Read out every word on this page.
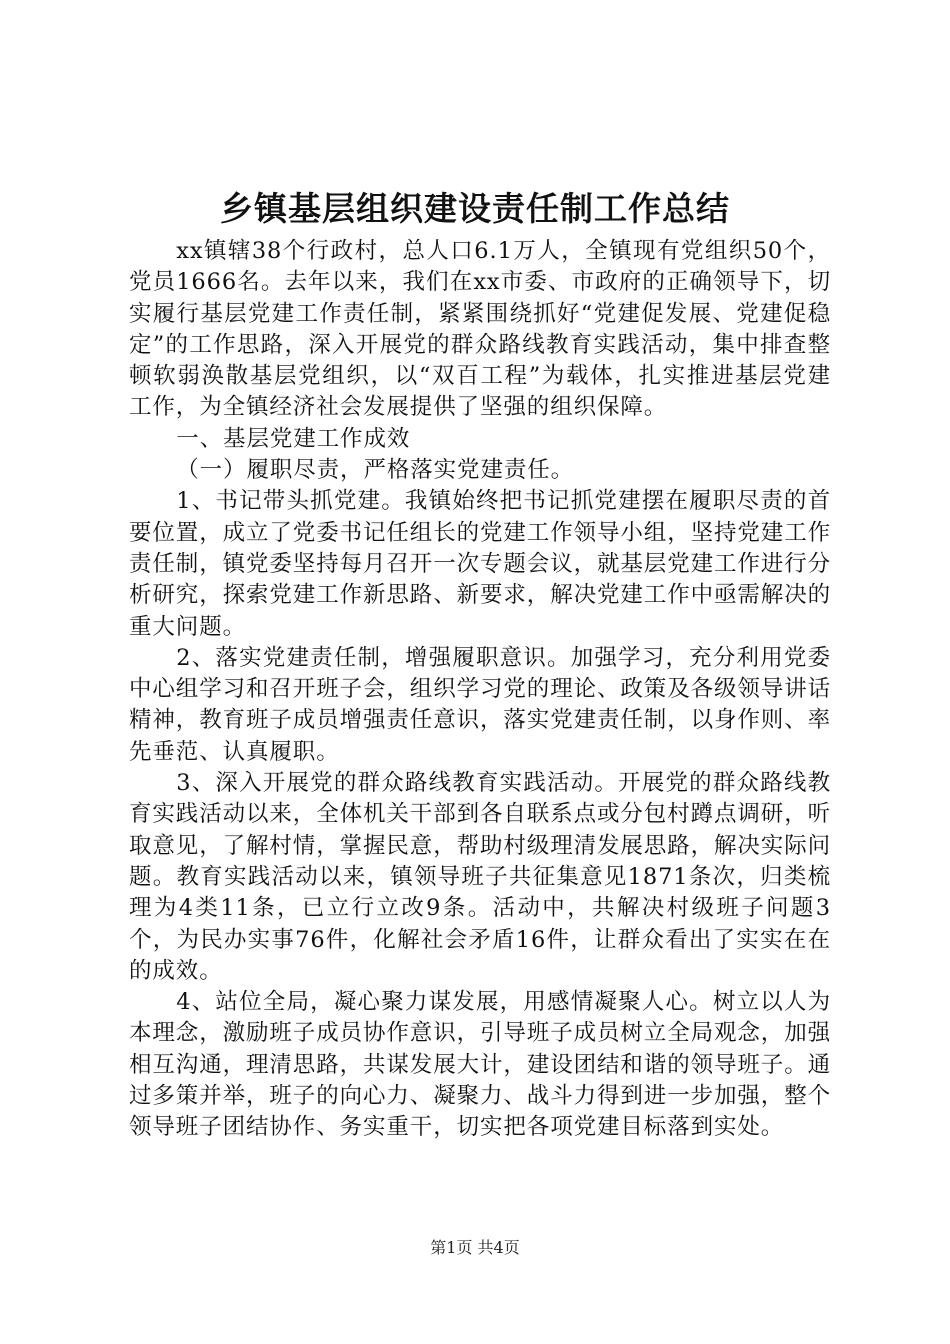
乡镇基层组织建设责任制工作总结

xx镇辖38个行政村，总人口6.1万人，全镇现有党组织50个，党员1666名。去年以来，我们在xx市委、市政府的正确领导下，切实履行基层党建工作责任制，紧紧围绕抓好“党建促发展、党建促稳定”的工作思路，深入开展党的群众路线教育实践活动，集中排查整顿软弱涣散基层党组织，以“双百工程”为载体，扎实推进基层党建工作，为全镇经济社会发展提供了坚强的组织保障。

一、基层党建工作成效

（一）履职尽责，严格落实党建责任。

1、书记带头抓党建。我镇始终把书记抓党建摆在履职尽责的首要位置，成立了党委书记任组长的党建工作领导小组，坚持党建工作责任制，镇党委坚持每月召开一次专题会议，就基层党建工作进行分析研究，探索党建工作新思路、新要求，解决党建工作中亟需解决的重大问题。

2、落实党建责任制，增强履职意识。加强学习，充分利用党委中心组学习和召开班子会，组织学习党的理论、政策及各级领导讲话精神，教育班子成员增强责任意识，落实党建责任制，以身作则、率先垂范、认真履职。

3、深入开展党的群众路线教育实践活动。开展党的群众路线教育实践活动以来，全体机关干部到各自联系点或分包村蹲点调研，听取意见，了解村情，掌握民意，帮助村级理清发展思路，解决实际问题。教育实践活动以来，镇领导班子共征集意见1871条次，归类梳理为4类11条，已立行立改9条。活动中，共解决村级班子问题3个，为民办实事76件，化解社会矛盾16件，让群众看出了实实在在的成效。

4、站位全局，凝心聚力谋发展，用感情凝聚人心。树立以人为本理念，激励班子成员协作意识，引导班子成员树立全局观念，加强相互沟通，理清思路，共谋发展大计，建设团结和谐的领导班子。通过多策并举，班子的向心力、凝聚力、战斗力得到进一步加强，整个领导班子团结协作、务实重干，切实把各项党建目标落到实处。

第1页 共4页
